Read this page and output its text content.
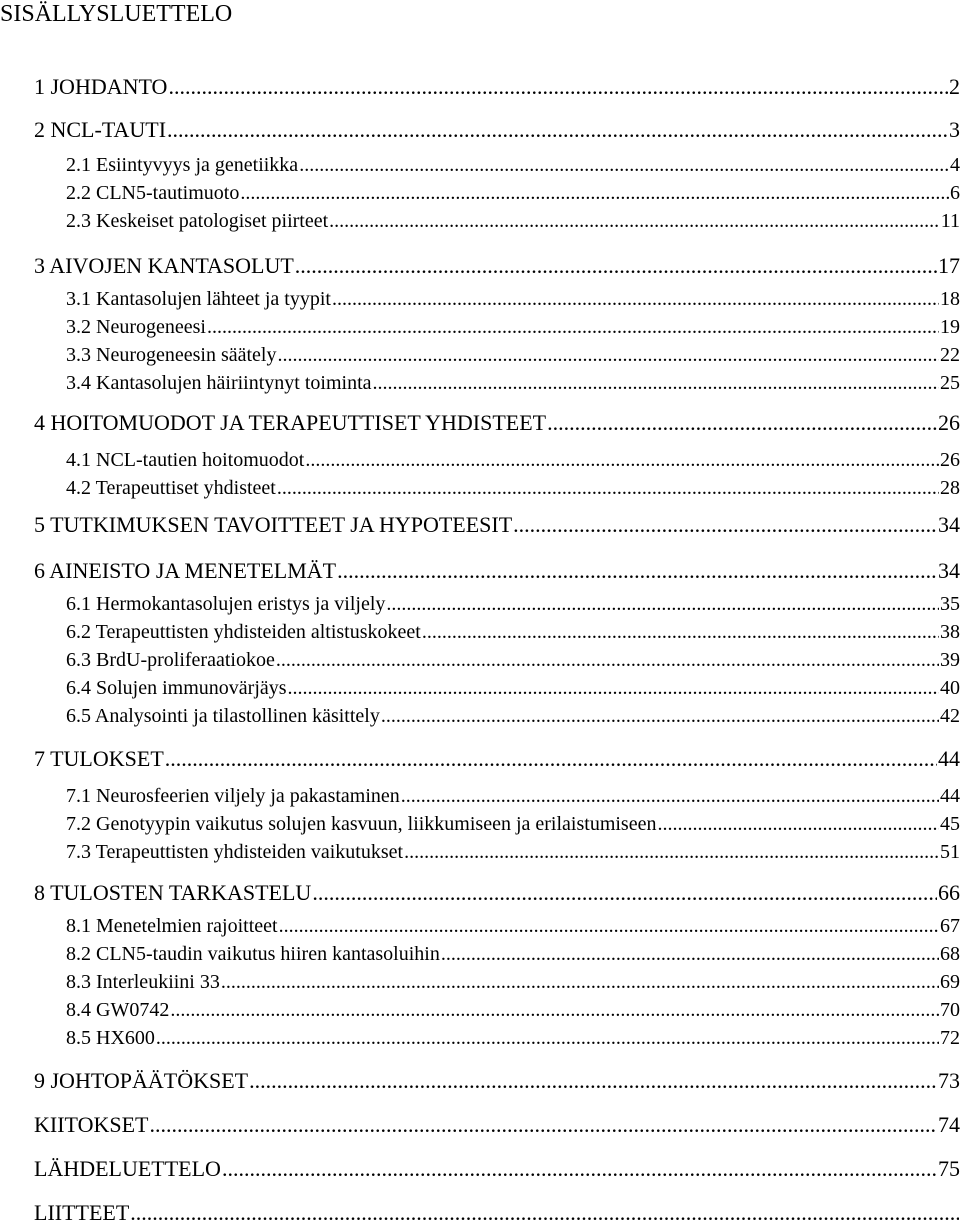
SISÄLLYSLUETTELO
1 JOHDANTO .....	2
2 NCL-TAUTI .....	3
2.1 Esiintyvyys ja genetiikka .....	4
2.2 CLN5-tautimuoto .....	6
2.3 Keskeiset patologiset piirteet .....	11
3 AIVOJEN KANTASOLUT .....	17
3.1 Kantasolujen lähteet ja tyypit .....	18
3.2 Neurogeneesi .....	19
3.3 Neurogeneesin säätely .....	22
3.4 Kantasolujen häiriintynyt toiminta .....	25
4 HOITOMUODOT JA TERAPEUTTISET YHDISTEET .....	26
4.1 NCL-tautien hoitomuodot .....	26
4.2 Terapeuttiset yhdisteet .....	28
5 TUTKIMUKSEN TAVOITTEET JA HYPOTEESIT .....	34
6 AINEISTO JA MENETELMÄT .....	34
6.1 Hermokantasolujen eristys ja viljely .....	35
6.2 Terapeuttisten yhdisteiden altistuskokeet .....	38
6.3 BrdU-proliferaatiokoe .....	39
6.4 Solujen immunovärjäys .....	40
6.5 Analysointi ja tilastollinen käsittely .....	42
7 TULOKSET .....	44
7.1 Neurosfeerien viljely ja pakastaminen .....	44
7.2 Genotyypin vaikutus solujen kasvuun, liikkumiseen ja erilaistumiseen .....	45
7.3 Terapeuttisten yhdisteiden vaikutukset .....	51
8 TULOSTEN TARKASTELU .....	66
8.1 Menetelmien rajoitteet .....	67
8.2 CLN5-taudin vaikutus hiiren kantasoluihin .....	68
8.3 Interleukiini 33 .....	69
8.4 GW0742 .....	70
8.5 HX600 .....	72
9 JOHTOPÄÄTÖKSET .....	73
KIITOKSET .....	74
LÄHDELUETTELO .....	75
LIITTEET
.....
